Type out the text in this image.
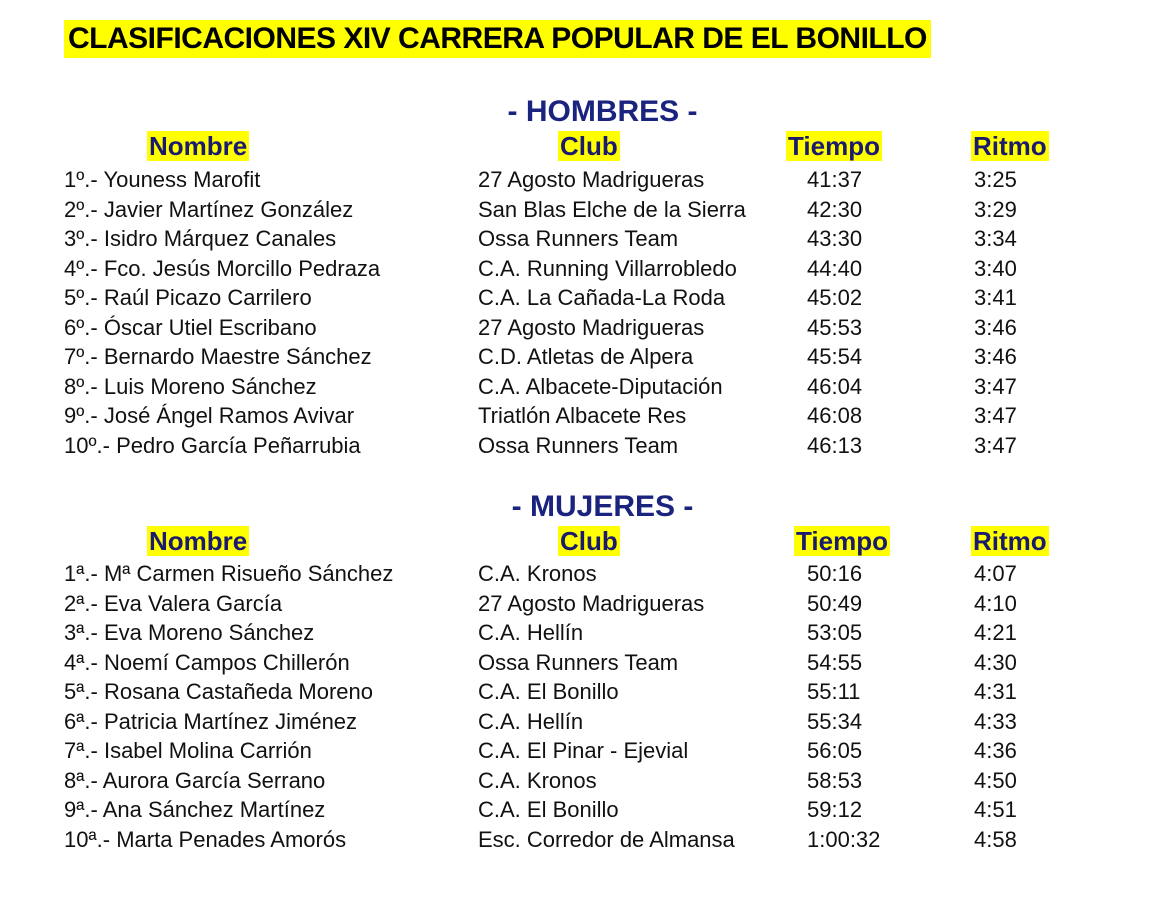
CLASIFICACIONES XIV CARRERA POPULAR DE EL BONILLO
- HOMBRES -
Nombre	Club	Tiempo	Ritmo
1º.- Youness Marofit	27 Agosto Madrigueras	41:37	3:25
2º.- Javier Martínez González	San Blas Elche de la Sierra	42:30	3:29
3º.- Isidro Márquez Canales	Ossa Runners Team	43:30	3:34
4º.- Fco. Jesús Morcillo Pedraza	C.A. Running Villarrobledo	44:40	3:40
5º.- Raúl Picazo Carrilero	C.A. La Cañada-La Roda	45:02	3:41
6º.- Óscar Utiel Escribano	27 Agosto Madrigueras	45:53	3:46
7º.- Bernardo Maestre Sánchez	C.D. Atletas de Alpera	45:54	3:46
8º.- Luis Moreno Sánchez	C.A. Albacete-Diputación	46:04	3:47
9º.- José Ángel Ramos Avivar	Triatlón Albacete Res	46:08	3:47
10º.- Pedro García Peñarrubia	Ossa Runners Team	46:13	3:47
- MUJERES -
Nombre	Club	Tiempo	Ritmo
1ª.- Mª Carmen Risueño Sánchez	C.A. Kronos	50:16	4:07
2ª.- Eva Valera García	27 Agosto Madrigueras	50:49	4:10
3ª.- Eva Moreno Sánchez	C.A. Hellín	53:05	4:21
4ª.- Noemí Campos Chillerón	Ossa Runners Team	54:55	4:30
5ª.- Rosana Castañeda Moreno	C.A. El Bonillo	55:11	4:31
6ª.- Patricia Martínez Jiménez	C.A. Hellín	55:34	4:33
7ª.- Isabel Molina Carrión	C.A. El Pinar - Ejevial	56:05	4:36
8ª.- Aurora García Serrano	C.A. Kronos	58:53	4:50
9ª.- Ana Sánchez Martínez	C.A. El Bonillo	59:12	4:51
10ª.- Marta Penades Amorós	Esc. Corredor de Almansa	1:00:32	4:58
